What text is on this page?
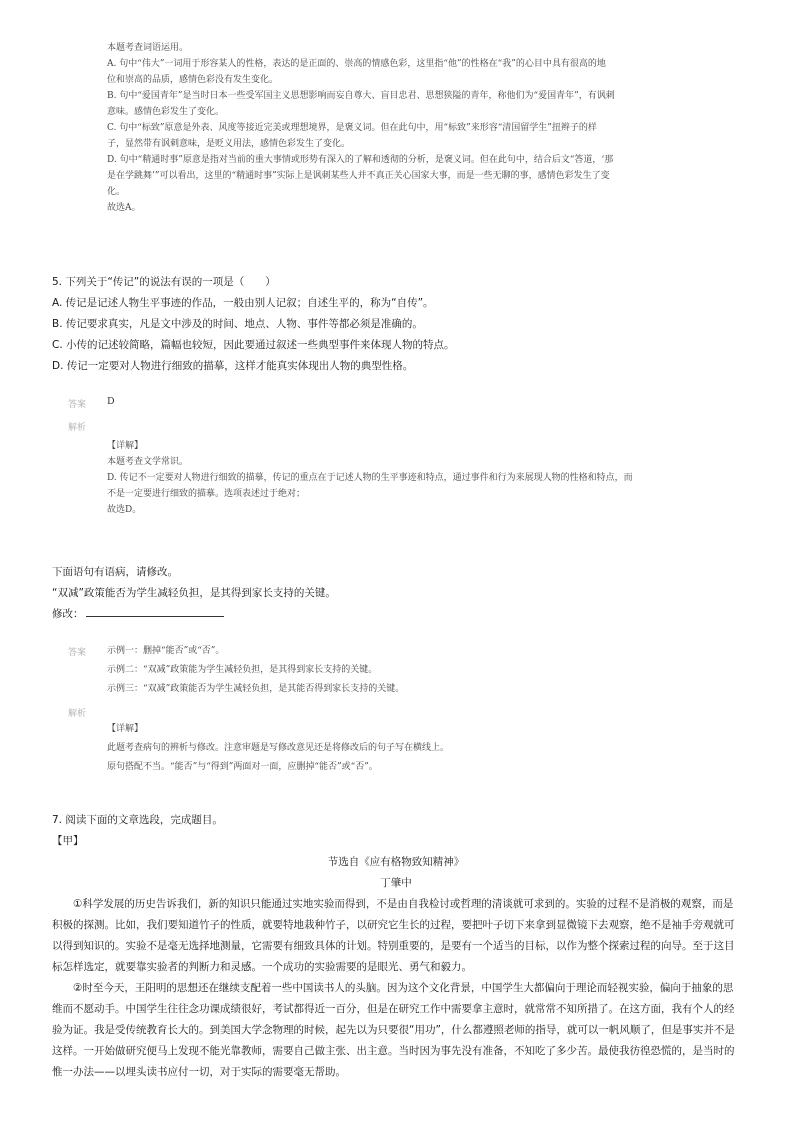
本题考查词语运用。

A. 句中“伟大”一词用于形容某人的性格，表达的是正面的、崇高的情感色彩，这里指“他”的性格在“我”的心目中具有很高的地

位和崇高的品质，感情色彩没有发生变化。

B. 句中“爱国青年”是当时日本一些受军国主义思想影响而妄自尊大、盲目忠君、思想狭隘的青年，称他们为“爱国青年”，有讽刺

意味。感情色彩发生了变化。

C. 句中“标致”原意是外表、风度等接近完美或理想境界，是褒义词。但在此句中，用“标致”来形容“清国留学生”扭辫子的样

子，显然带有讽刺意味，是贬义用法，感情色彩发生了变化。

D. 句中“精通时事”原意是指对当前的重大事情或形势有深入的了解和透彻的分析，是褒义词。但在此句中，结合后文“答道，‘那

是在学跳舞’”可以看出，这里的“精通时事”实际上是讽刺某些人并不真正关心国家大事，而是一些无聊的事，感情色彩发生了变

化。

故选A。

5. 下列关于“传记”的说法有误的一项是（　　）

A. 传记是记述人物生平事迹的作品，一般由别人记叙；自述生平的，称为“自传”。

B. 传记要求真实，凡是文中涉及的时间、地点、人物、事件等都必须是准确的。

C. 小传的记述较简略，篇幅也较短，因此要通过叙述一些典型事件来体现人物的特点。

D. 传记一定要对人物进行细致的描摹，这样才能真实体现出人物的典型性格。

答案 D
解析

【详解】

本题考查文学常识。

D. 传记不一定要对人物进行细致的描摹，传记的重点在于记述人物的生平事迹和特点，通过事件和行为来展现人物的性格和特点，而

不是一定要进行细致的描摹。选项表述过于绝对；

故选D。

下面语句有语病，请修改。

“双减”政策能否为学生减轻负担，是其得到家长支持的关键。

修改：

答案 示例一：删掉“能否”或“否”。

示例二：“双减”政策能为学生减轻负担，是其得到家长支持的关键。

示例三：“双减”政策能否为学生减轻负担，是其能否得到家长支持的关键。

解析

【详解】

此题考查病句的辨析与修改。注意审题是写修改意见还是将修改后的句子写在横线上。

原句搭配不当。“能否”与“得到”两面对一面，应删掉“能否”或“否”。

7. 阅读下面的文章选段，完成题目。

【甲】

节选自《应有格物致知精神》

丁肇中

①科学发展的历史告诉我们，新的知识只能通过实地实验而得到，不是由自我检讨或哲理的清谈就可求到的。实验的过程不是消极的观察，而是积极的探测。比如，我们要知道竹子的性质，就要特地栽种竹子，以研究它生长的过程，要把叶子切下来拿到显微镜下去观察，绝不是袖手旁观就可以得到知识的。实验不是毫无选择地测量，它需要有细致具体的计划。特别重要的，是要有一个适当的目标，以作为整个探索过程的向导。至于这目标怎样选定，就要靠实验者的判断力和灵感。一个成功的实验需要的是眼光、勇气和毅力。

②时至今天，王阳明的思想还在继续支配着一些中国读书人的头脑。因为这个文化背景，中国学生大都偏向于理论而轻视实验，偏向于抽象的思维而不愿动手。中国学生往往念功课成绩很好，考试都得近一百分，但是在研究工作中需要拿主意时，就常常不知所措了。在这方面，我有个人的经验为证。我是受传统教育长大的。到美国大学念物理的时候，起先以为只要很“用功”，什么都遵照老师的指导，就可以一帆风顺了，但是事实并不是这样。一开始做研究便马上发现不能光靠教师，需要自己做主张、出主意。当时因为事先没有准备，不知吃了多少苦。最使我彷徨恐慌的，是当时的惟一办法——以埋头读书应付一切，对于实际的需要毫无帮助。
